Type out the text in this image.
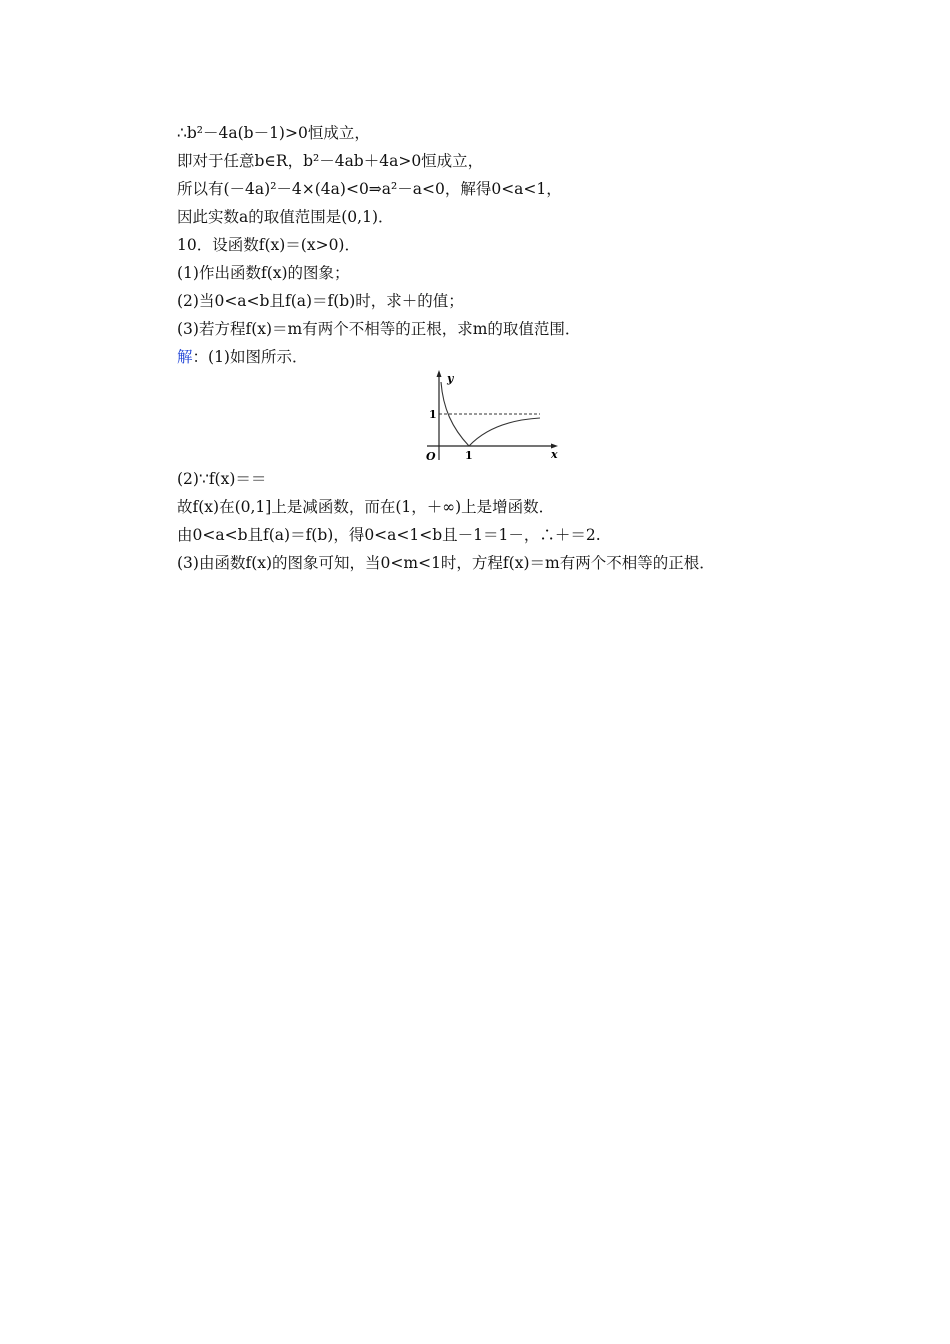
∴b²－4a(b－1)>0恒成立，
即对于任意b∈R，b²－4ab＋4a>0恒成立，
所以有(－4a)²－4×(4a)<0⇒a²－a<0，解得0<a<1，
因此实数a的取值范围是(0,1)．
10．设函数f(x)＝(x>0)．
(1)作出函数f(x)的图象；
(2)当0<a<b且f(a)＝f(b)时，求＋的值；
(3)若方程f(x)＝m有两个不相等的正根，求m的取值范围．
解：(1)如图所示．
y
x
O
1
1
(2)∵f(x)＝＝
故f(x)在(0,1]上是减函数，而在(1，＋∞)上是增函数．
由0<a<b且f(a)＝f(b)，得0<a<1<b且－1＝1－，∴＋＝2.
(3)由函数f(x)的图象可知，当0<m<1时，方程f(x)＝m有两个不相等的正根．
